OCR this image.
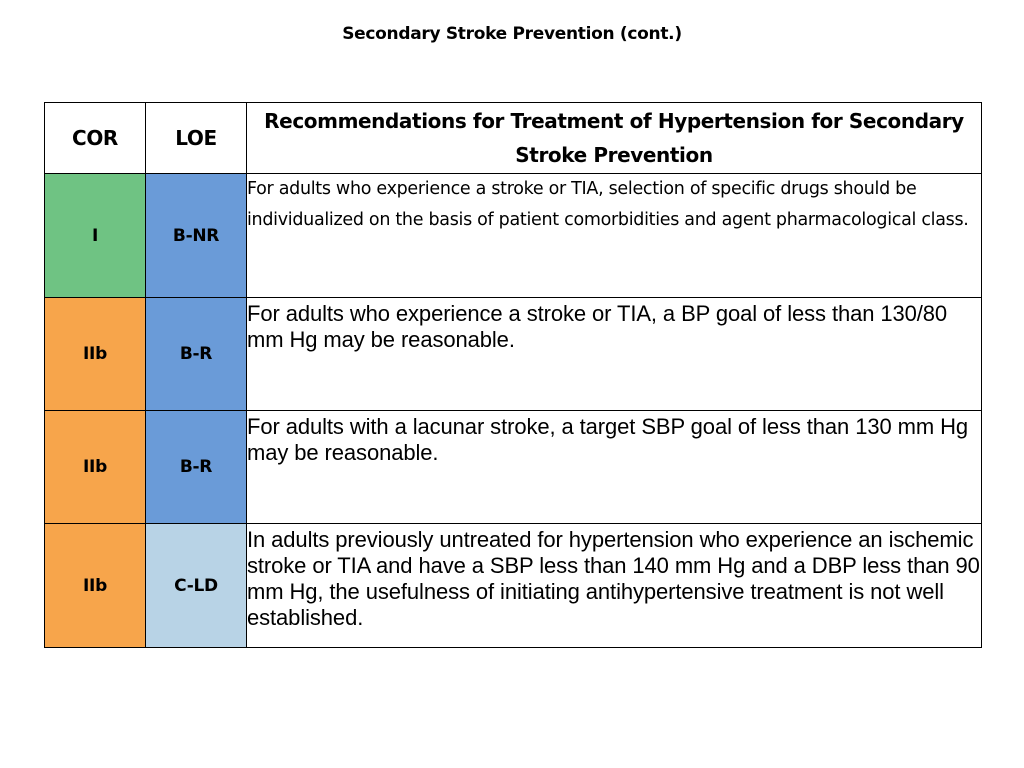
Secondary Stroke Prevention (cont.)
COR	LOE	Recommendations for Treatment of Hypertension for Secondary Stroke Prevention
I	B-NR	For adults who experience a stroke or TIA, selection of specific drugs should be individualized on the basis of patient comorbidities and agent pharmacological class.

IIb	B-R	For adults who experience a stroke or TIA, a BP goal of less than 130/80 mm Hg may be reasonable.

IIb	B-R	For adults with a lacunar stroke, a target SBP goal of less than 130 mm Hg may be reasonable.

IIb	C-LD	In adults previously untreated for hypertension who experience an ischemic stroke or TIA and have a SBP less than 140 mm Hg and a DBP less than 90 mm Hg, the usefulness of initiating antihypertensive treatment is not well established.
